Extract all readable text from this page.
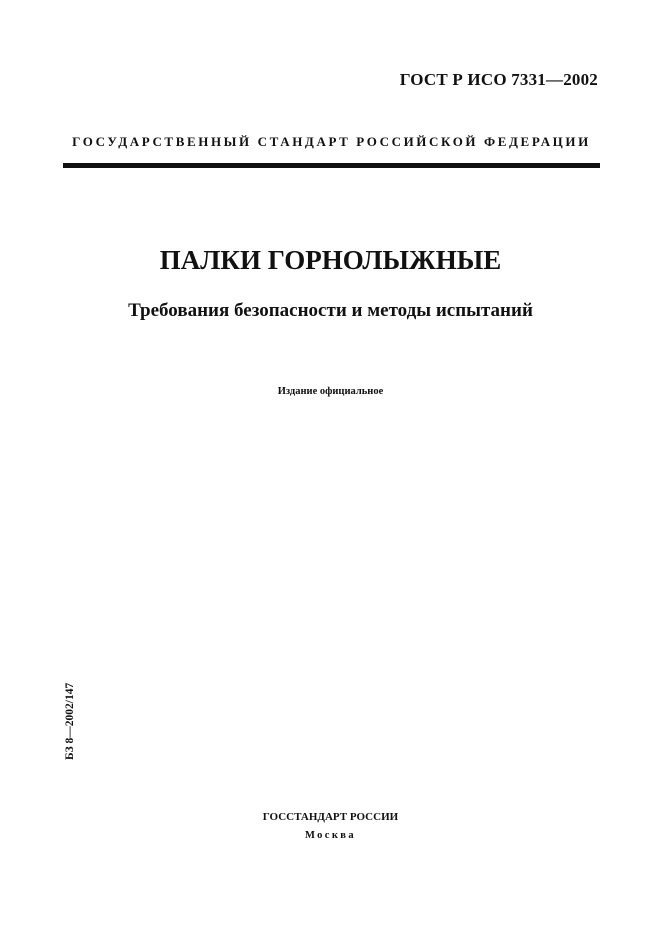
ГОСТ Р ИСО 7331—2002
ГОСУДАРСТВЕННЫЙ СТАНДАРТ РОССИЙСКОЙ ФЕДЕРАЦИИ
ПАЛКИ ГОРНОЛЫЖНЫЕ
Требования безопасности и методы испытаний
Издание официальное
БЗ 8—2002/147
ГОССТАНДАРТ РОССИИ
Москва
